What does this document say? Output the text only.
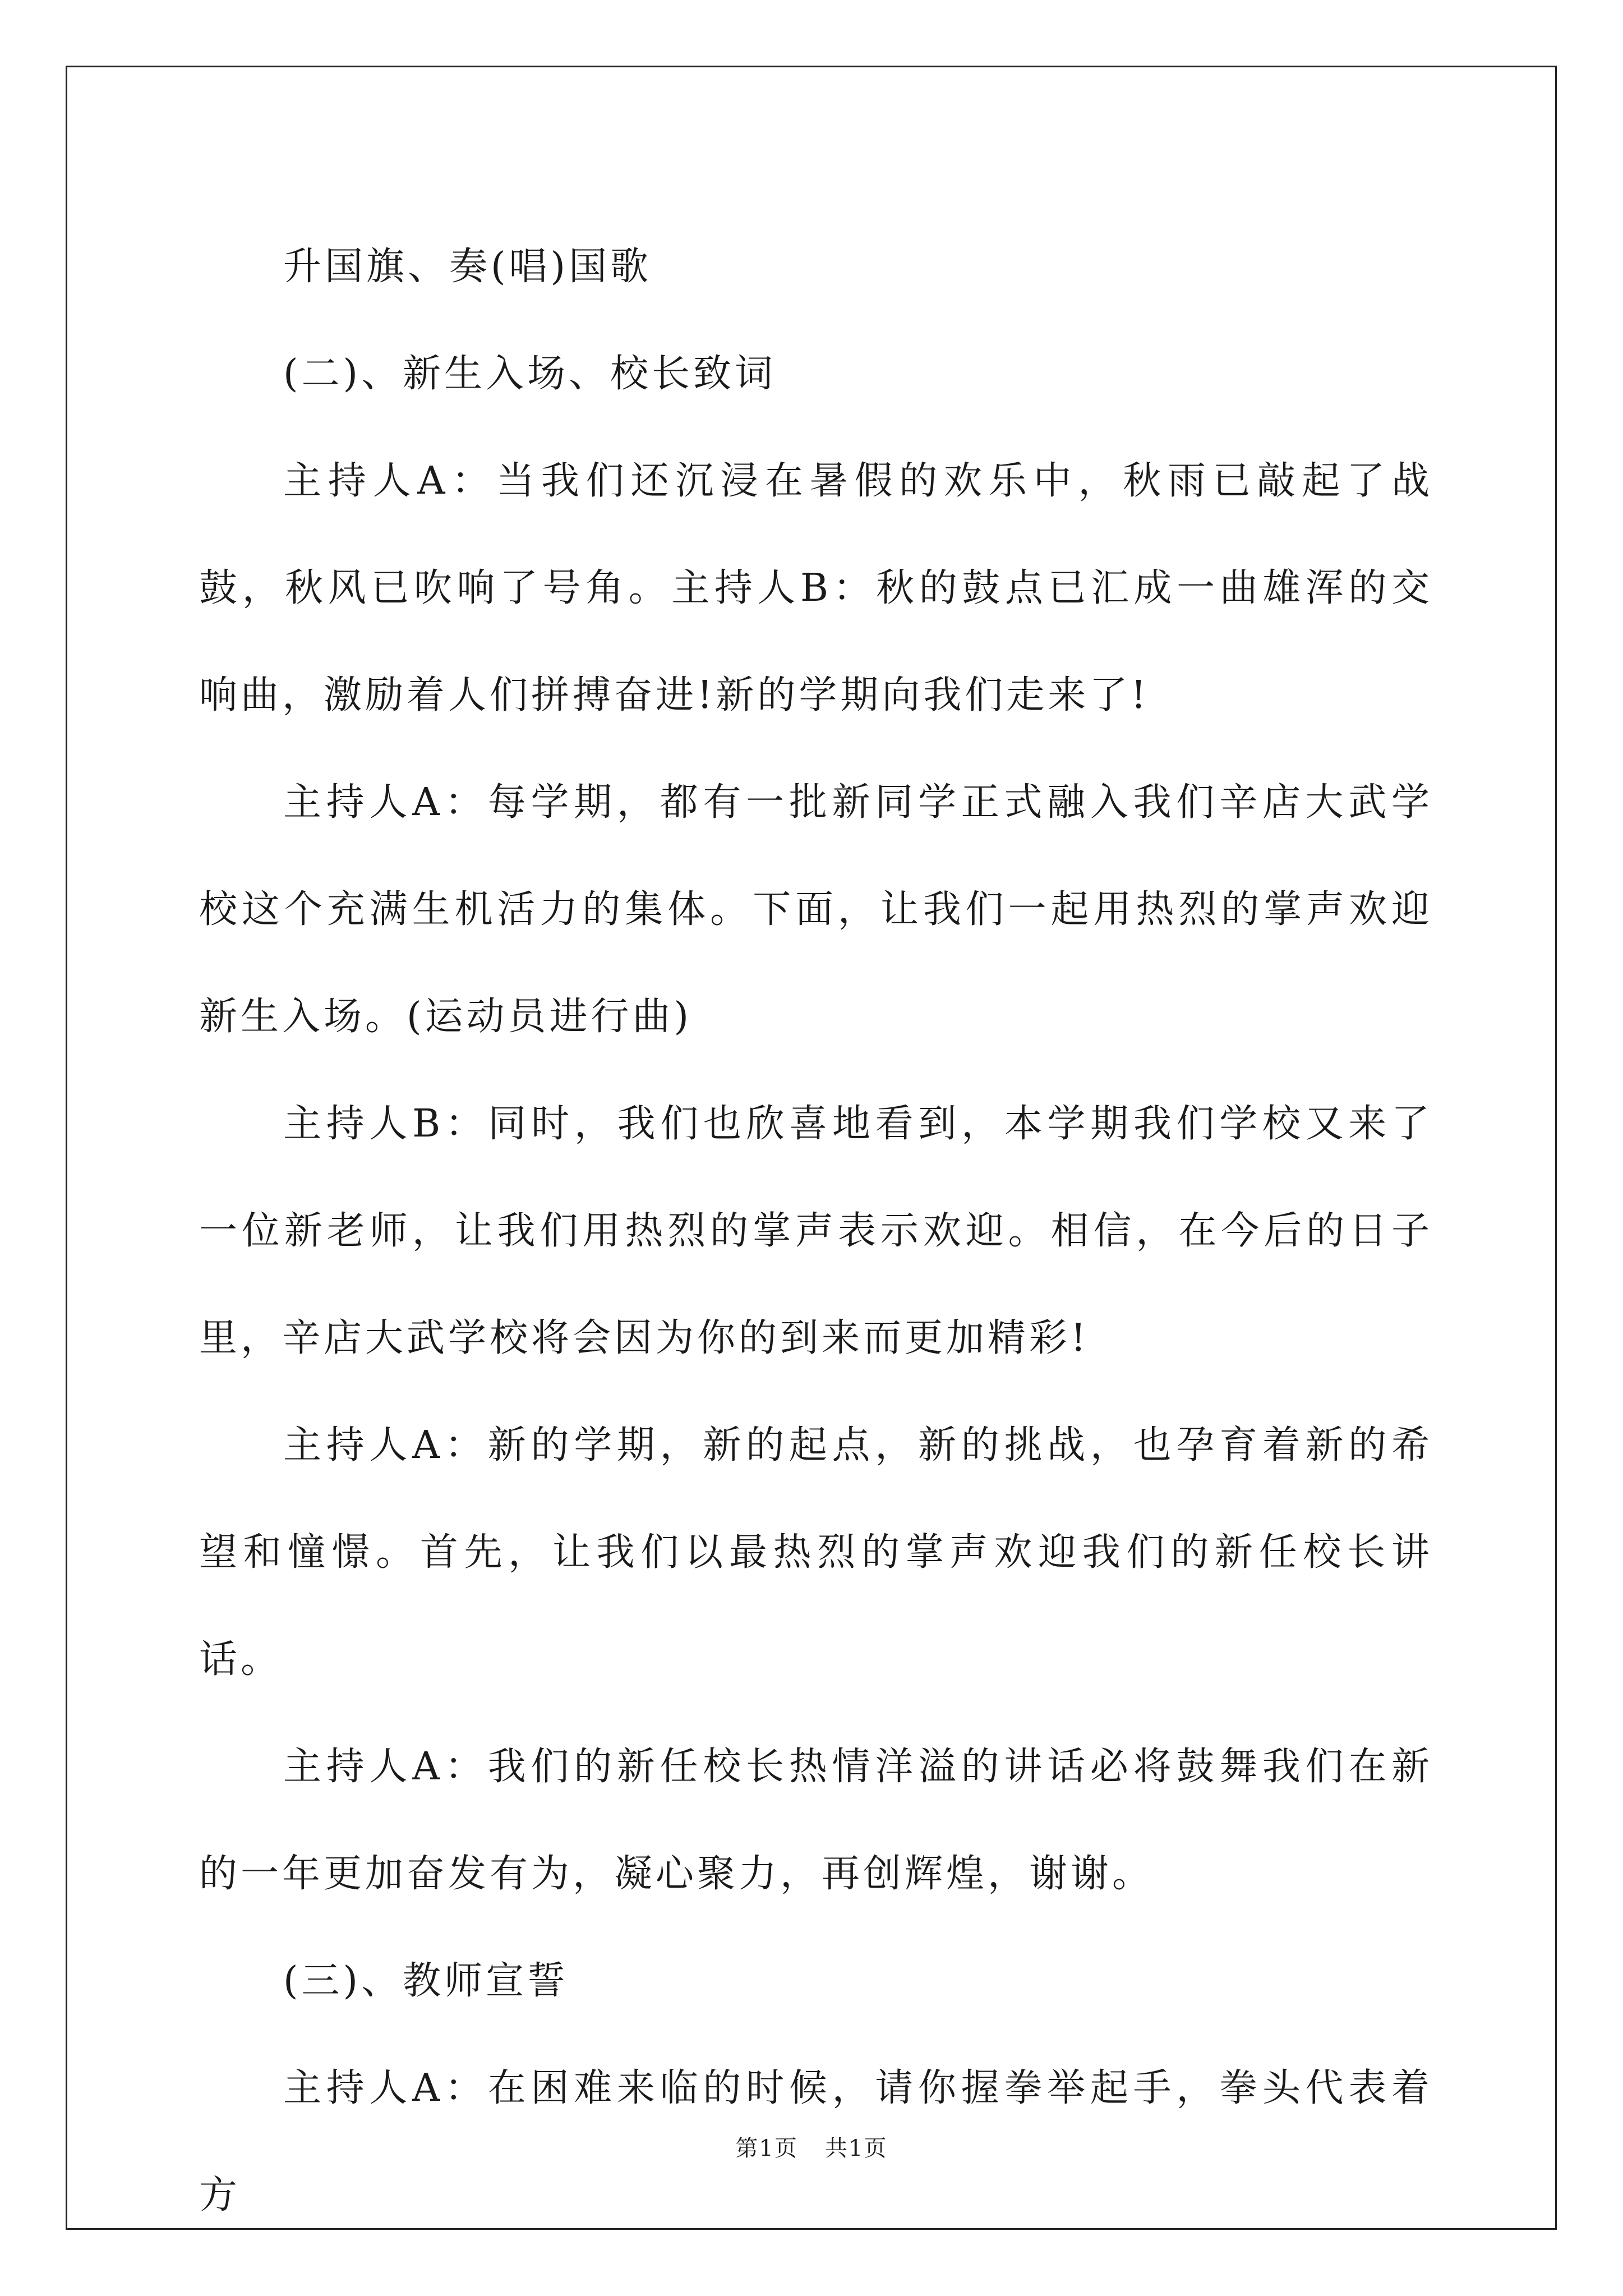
升国旗、奏(唱)国歌

(二)、新生入场、校长致词

主持人A：当我们还沉浸在暑假的欢乐中，秋雨已敲起了战鼓，秋风已吹响了号角。主持人B：秋的鼓点已汇成一曲雄浑的交响曲，激励着人们拼搏奋进!新的学期向我们走来了!

主持人A：每学期，都有一批新同学正式融入我们辛店大武学校这个充满生机活力的集体。下面，让我们一起用热烈的掌声欢迎新生入场。(运动员进行曲)

主持人B：同时，我们也欣喜地看到，本学期我们学校又来了一位新老师，让我们用热烈的掌声表示欢迎。相信，在今后的日子里，辛店大武学校将会因为你的到来而更加精彩!

主持人A：新的学期，新的起点，新的挑战，也孕育着新的希望和憧憬。首先，让我们以最热烈的掌声欢迎我们的新任校长讲话。

主持人A：我们的新任校长热情洋溢的讲话必将鼓舞我们在新的一年更加奋发有为，凝心聚力，再创辉煌，谢谢。

(三)、教师宣誓

主持人A：在困难来临的时候，请你握拳举起手，拳头代表着方

第1页 共1页
